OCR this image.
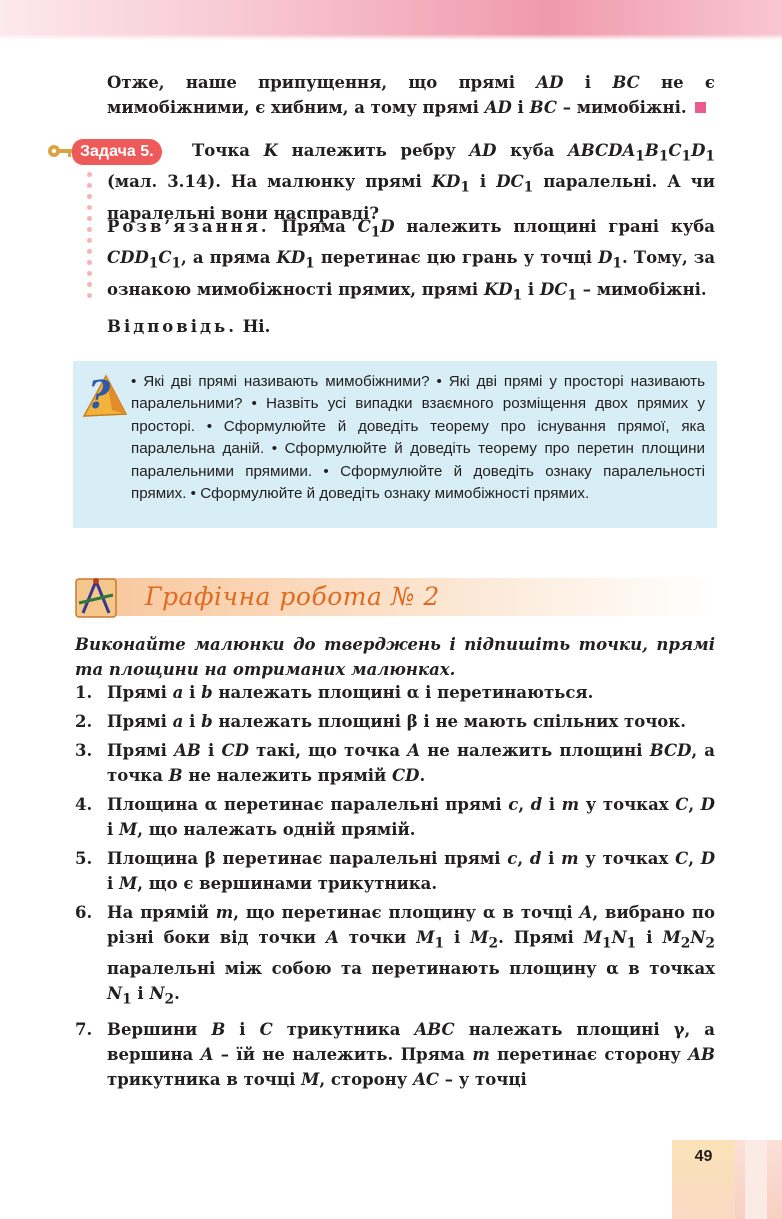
Отже, наше припущення, що прямі AD і BC не є мимобіжними, є хибним, а тому прямі AD і BC – мимобіжні.

Задача 5.	Точка K належить ребру AD куба $ABCDA_1B_1C_1D_1$ (мал. 3.14). На малюнку прямі $KD_1$ і $DC_1$ паралельні. А чи паралельні вони насправді?

Розв’язання. Пряма $C_1D$ належить площині грані куба $CDD_1C_1$, а пряма $KD_1$ перетинає цю грань у точці $D_1$. Тому, за ознакою мимобіжності прямих, прямі $KD_1$ і $DC_1$ – мимобіжні.

Відповідь. Ні.

? • Які дві прямі називають мимобіжними? • Які дві прямі у просторі називають паралельними? • Назвіть усі випадки взаємного розміщення двох прямих у просторі. • Сформулюйте й доведіть теорему про існування прямої, яка паралельна даній. • Сформулюйте й доведіть теорему про перетин площини паралельними прямими. • Сформулюйте й доведіть ознаку паралельності прямих. • Сформулюйте й доведіть ознаку мимобіжності прямих.
Графічна робота № 2

Виконайте малюнки до тверджень і підпишіть точки, прямі та площини на отриманих малюнках.

1. Прямі a і b належать площині α і перетинаються.
2. Прямі a і b належать площині β і не мають спільних точок.
3. Прямі AB і CD такі, що точка A не належить площині BCD, а точка B не належить прямій CD.
4. Площина α перетинає паралельні прямі c, d і m у точках C, D і M, що належать одній прямій.
5. Площина β перетинає паралельні прямі c, d і m у точках C, D і M, що є вершинами трикутника.
6. На прямій m, що перетинає площину α в точці A, вибрано по різні боки від точки A точки $M_1$ і $M_2$. Прямі $M_1N_1$ і $M_2N_2$ паралельні між собою та перетинають площину α в точках $N_1$ і $N_2$.
7. Вершини B і C трикутника ABC належать площині γ, а вершина A – їй не належить. Пряма m перетинає сторону AB трикутника в точці M, сторону AC – у точці
49
